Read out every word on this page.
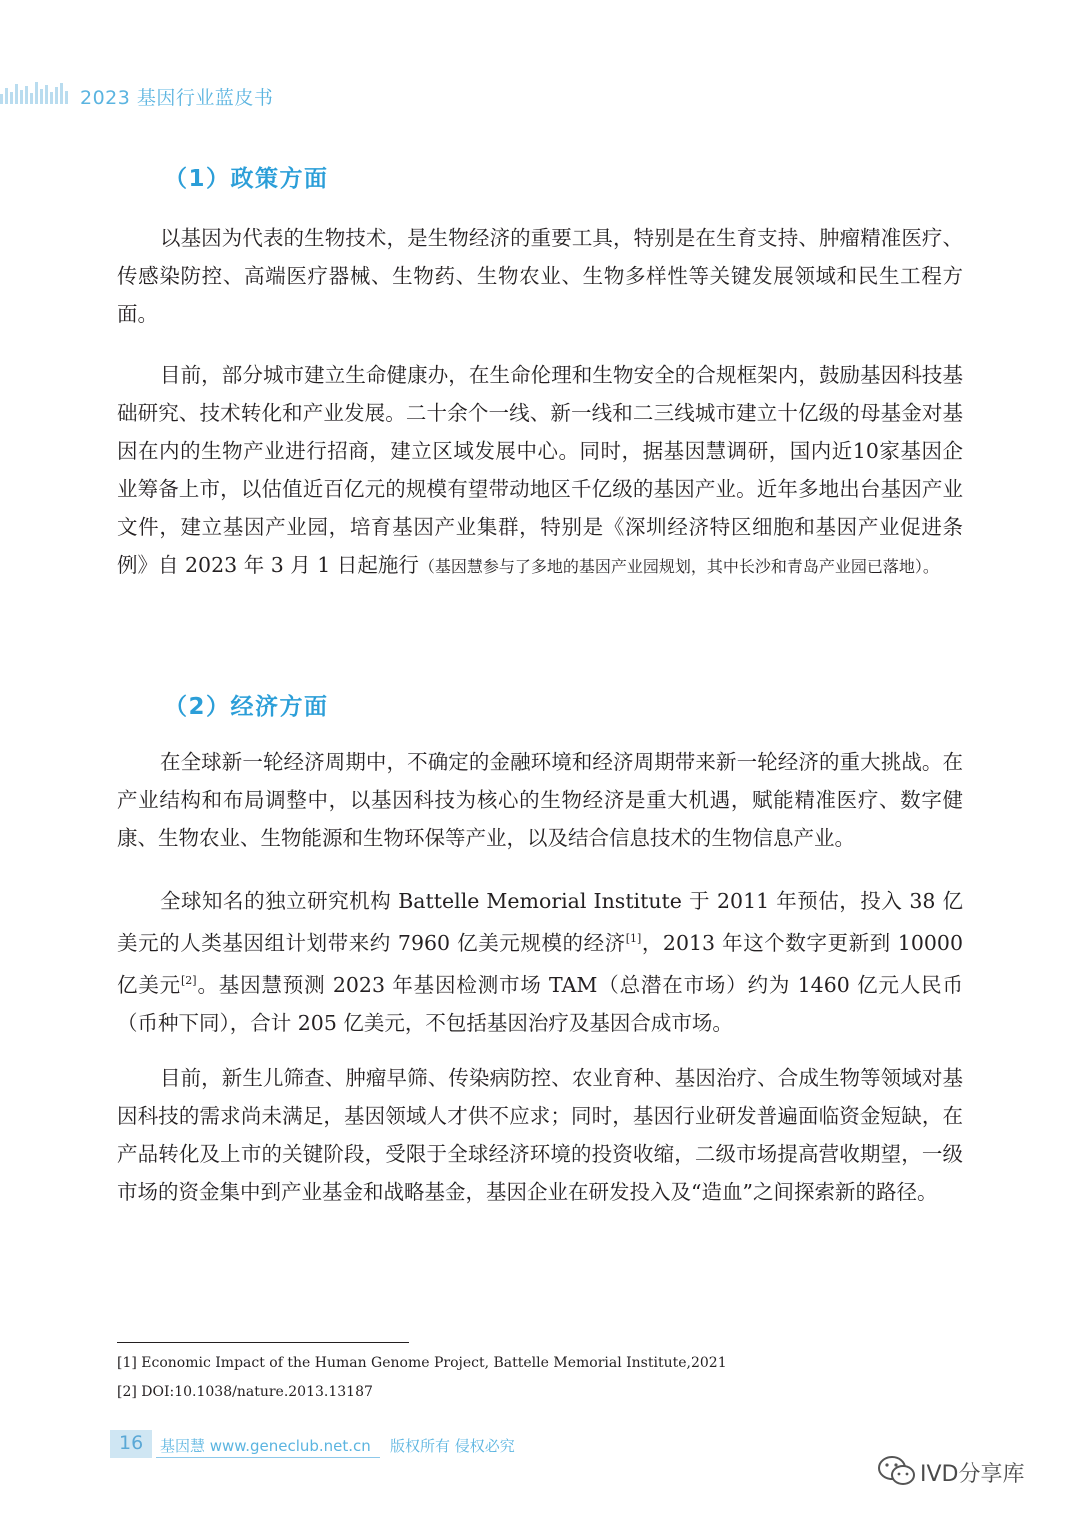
2023 基因行业蓝皮书
（1）政策方面

以基因为代表的生物技术，是生物经济的重要工具，特别是在生育支持、肿瘤精准医疗、传感染防控、高端医疗器械、生物药、生物农业、生物多样性等关键发展领域和民生工程方面。

目前，部分城市建立生命健康办，在生命伦理和生物安全的合规框架内，鼓励基因科技基础研究、技术转化和产业发展。二十余个一线、新一线和二三线城市建立十亿级的母基金对基因在内的生物产业进行招商，建立区域发展中心。同时，据基因慧调研，国内近10家基因企业筹备上市，以估值近百亿元的规模有望带动地区千亿级的基因产业。近年多地出台基因产业文件，建立基因产业园，培育基因产业集群，特别是《深圳经济特区细胞和基因产业促进条例》自 2023 年 3 月 1 日起施行（基因慧参与了多地的基因产业园规划，其中长沙和青岛产业园已落地）。

（2）经济方面

在全球新一轮经济周期中，不确定的金融环境和经济周期带来新一轮经济的重大挑战。在产业结构和布局调整中，以基因科技为核心的生物经济是重大机遇，赋能精准医疗、数字健康、生物农业、生物能源和生物环保等产业，以及结合信息技术的生物信息产业。

全球知名的独立研究机构 Battelle Memorial Institute 于 2011 年预估，投入 38 亿美元的人类基因组计划带来约 7960 亿美元规模的经济[1]，2013 年这个数字更新到 10000 亿美元[2]。基因慧预测 2023 年基因检测市场 TAM（总潜在市场）约为 1460 亿元人民币（币种下同），合计 205 亿美元，不包括基因治疗及基因合成市场。

目前，新生儿筛查、肿瘤早筛、传染病防控、农业育种、基因治疗、合成生物等领域对基因科技的需求尚未满足，基因领域人才供不应求；同时，基因行业研发普遍面临资金短缺，在产品转化及上市的关键阶段，受限于全球经济环境的投资收缩，二级市场提高营收期望，一级市场的资金集中到产业基金和战略基金，基因企业在研发投入及“造血”之间探索新的路径。

[1] Economic Impact of the Human Genome Project, Battelle Memorial Institute,2021
[2] DOI:10.1038/nature.2013.13187
16 基因慧 www.geneclub.net.cn 版权所有 侵权必究
IVD分享库
